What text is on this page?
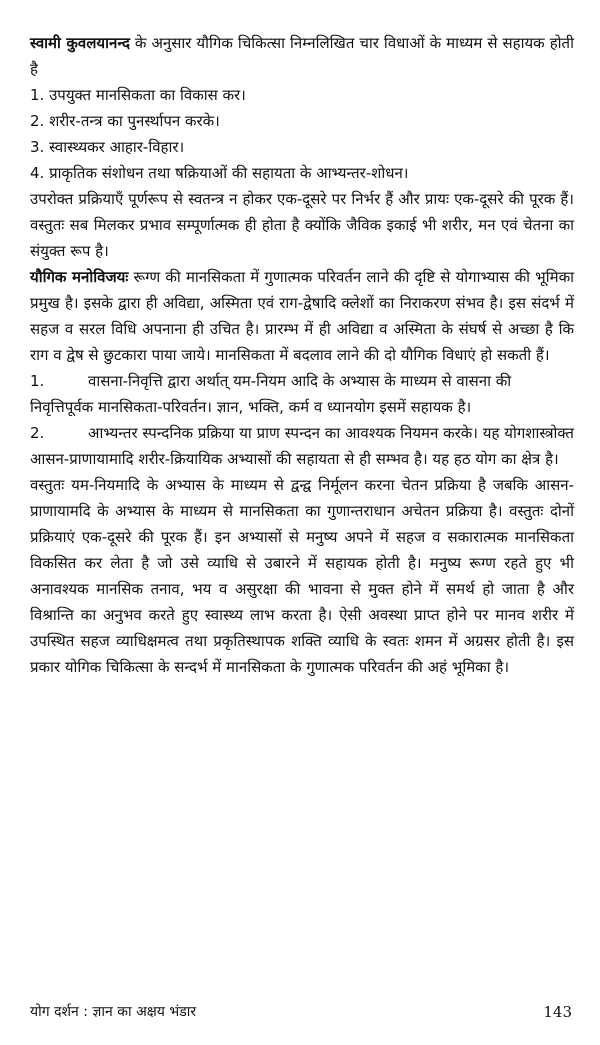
स्वामी कुवलयानन्द के अनुसार यौगिक चिकित्सा निम्नलिखित चार विधाओं के माध्यम से सहायक होती है

1. उपयुक्त मानसिकता का विकास कर।

2. शरीर-तन्त्र का पुनर्स्थापन करके।

3. स्वास्थ्यकर आहार-विहार।

4. प्राकृतिक संशोधन तथा षक्रियाओं की सहायता के आभ्यन्तर-शोधन।

उपरोक्त प्रक्रियाएँ पूर्णरूप से स्वतन्त्र न होकर एक-दूसरे पर निर्भर हैं और प्रायः एक-दूसरे की पूरक हैं। वस्तुतः सब मिलकर प्रभाव सम्पूर्णात्मक ही होता है क्योंकि जैविक इकाई भी शरीर, मन एवं चेतना का संयुक्त रूप है।

यौगिक मनोविजयः रूग्ण की मानसिकता में गुणात्मक परिवर्तन लाने की दृष्टि से योगाभ्यास की भूमिका प्रमुख है। इसके द्वारा ही अविद्या, अस्मिता एवं राग-द्वेषादि क्लेशों का निराकरण संभव है। इस संदर्भ में सहज व सरल विधि अपनाना ही उचित है। प्रारम्भ में ही अविद्या व अस्मिता के संघर्ष से अच्छा है कि राग व द्वेष से छुटकारा पाया जाये। मानसिकता में बदलाव लाने की दो यौगिक विधाएं हो सकती हैं।

1.	वासना-निवृत्ति द्वारा अर्थात् यम-नियम आदि के अभ्यास के माध्यम से वासना की

निवृत्तिपूर्वक मानसिकता-परिवर्तन। ज्ञान, भक्ति, कर्म व ध्यानयोग इसमें सहायक है।

2.	आभ्यन्तर स्पन्दनिक प्रक्रिया या प्राण स्पन्दन का आवश्यक नियमन करके। यह योगशास्त्रोक्त आसन-प्राणायामादि शरीर-क्रियायिक अभ्यासों की सहायता से ही सम्भव है। यह हठ योग का क्षेत्र है।

वस्तुतः यम-नियमादि के अभ्यास के माध्यम से द्वन्द्व निर्मूलन करना चेतन प्रक्रिया है जबकि आसन-प्राणायामदि के अभ्यास के माध्यम से मानसिकता का गुणान्तराधान अचेतन प्रक्रिया है। वस्तुतः दोनों प्रक्रियाएं एक-दूसरे की पूरक हैं। इन अभ्यासों से मनुष्य अपने में सहज व सकारात्मक मानसिकता विकसित कर लेता है जो उसे व्याधि से उबारने में सहायक होती है। मनुष्य रूग्ण रहते हुए भी अनावश्यक मानसिक तनाव, भय व असुरक्षा की भावना से मुक्त होने में समर्थ हो जाता है और विश्रान्ति का अनुभव करते हुए स्वास्थ्य लाभ करता है। ऐसी अवस्था प्राप्त होने पर मानव शरीर में उपस्थित सहज व्याधिक्षमत्व तथा प्रकृतिस्थापक शक्ति व्याधि के स्वतः शमन में अग्रसर होती है। इस प्रकार योगिक चिकित्सा के सन्दर्भ में मानसिकता के गुणात्मक परिवर्तन की अहं भूमिका है।

योग दर्शन : ज्ञान का अक्षय भंडार	143
